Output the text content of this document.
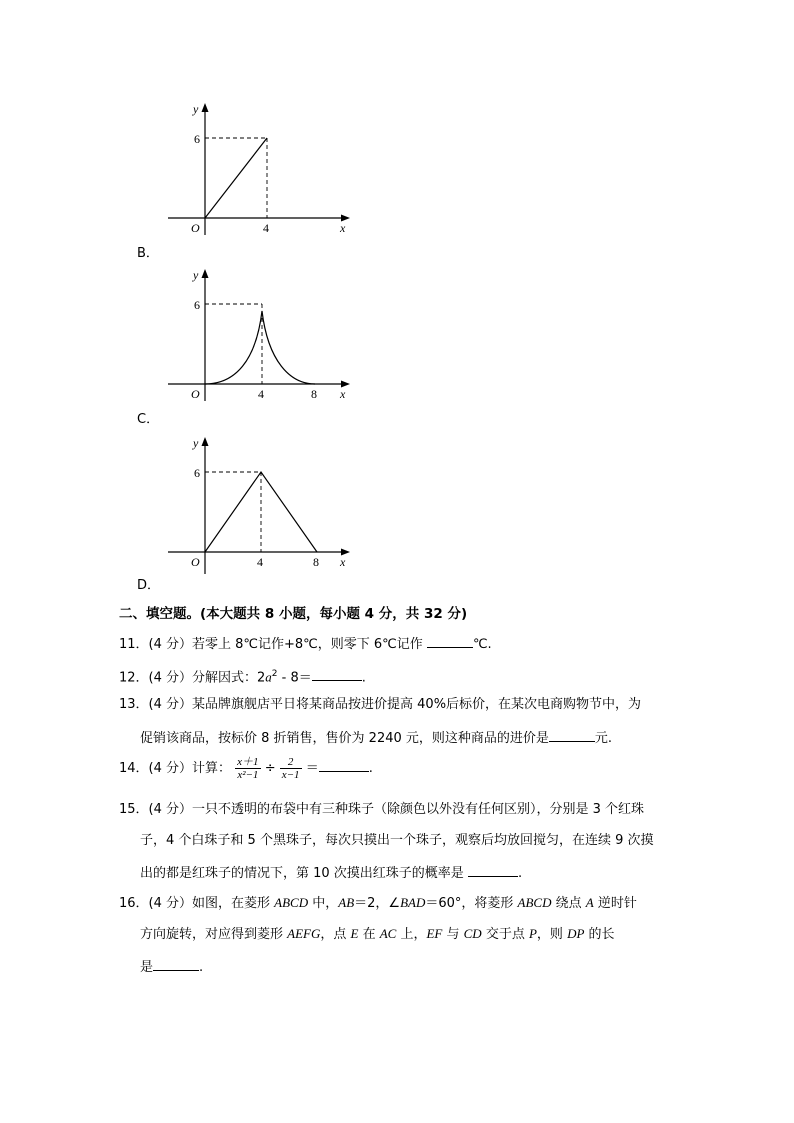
y
6
O	4	x
B．
y
6
O	4	8 x
C．
y
6
O	4	8 x
D．
二、填空题。(本大题共 8 小题，每小题 4 分，共 32 分)
11．(4 分）若零上 8℃记作+8℃，则零下 6℃记作	℃.
12．(4 分）分解因式：$2a^2 - 8=$	.
13．(4 分）某品牌旗舰店平日将某商品按进价提高 40%后标价，在某次电商购物节中，为
促销该商品，按标价 8 折销售，售价为 2240 元，则这种商品的进价是	元.
14．(4 分）计算： $\frac{x+1}{\text{x²−1}} \div \frac{2}{x-1}$ ＝	.
15．(4 分）一只不透明的布袋中有三种珠子（除颜色以外没有任何区别），分别是 3 个红珠
子，4 个白珠子和 5 个黑珠子，每次只摸出一个珠子，观察后均放回搅匀，在连续 9 次摸
出的都是红珠子的情况下，第 10 次摸出红珠子的概率是	.
16．(4 分）如图，在菱形 ABCD 中，AB＝2，∠BAD＝60°，将菱形 ABCD 绕点 A 逆时针
方向旋转，对应得到菱形 AEFG，点 E 在 AC 上，EF 与 CD 交于点 P，则 DP 的长
是	.
